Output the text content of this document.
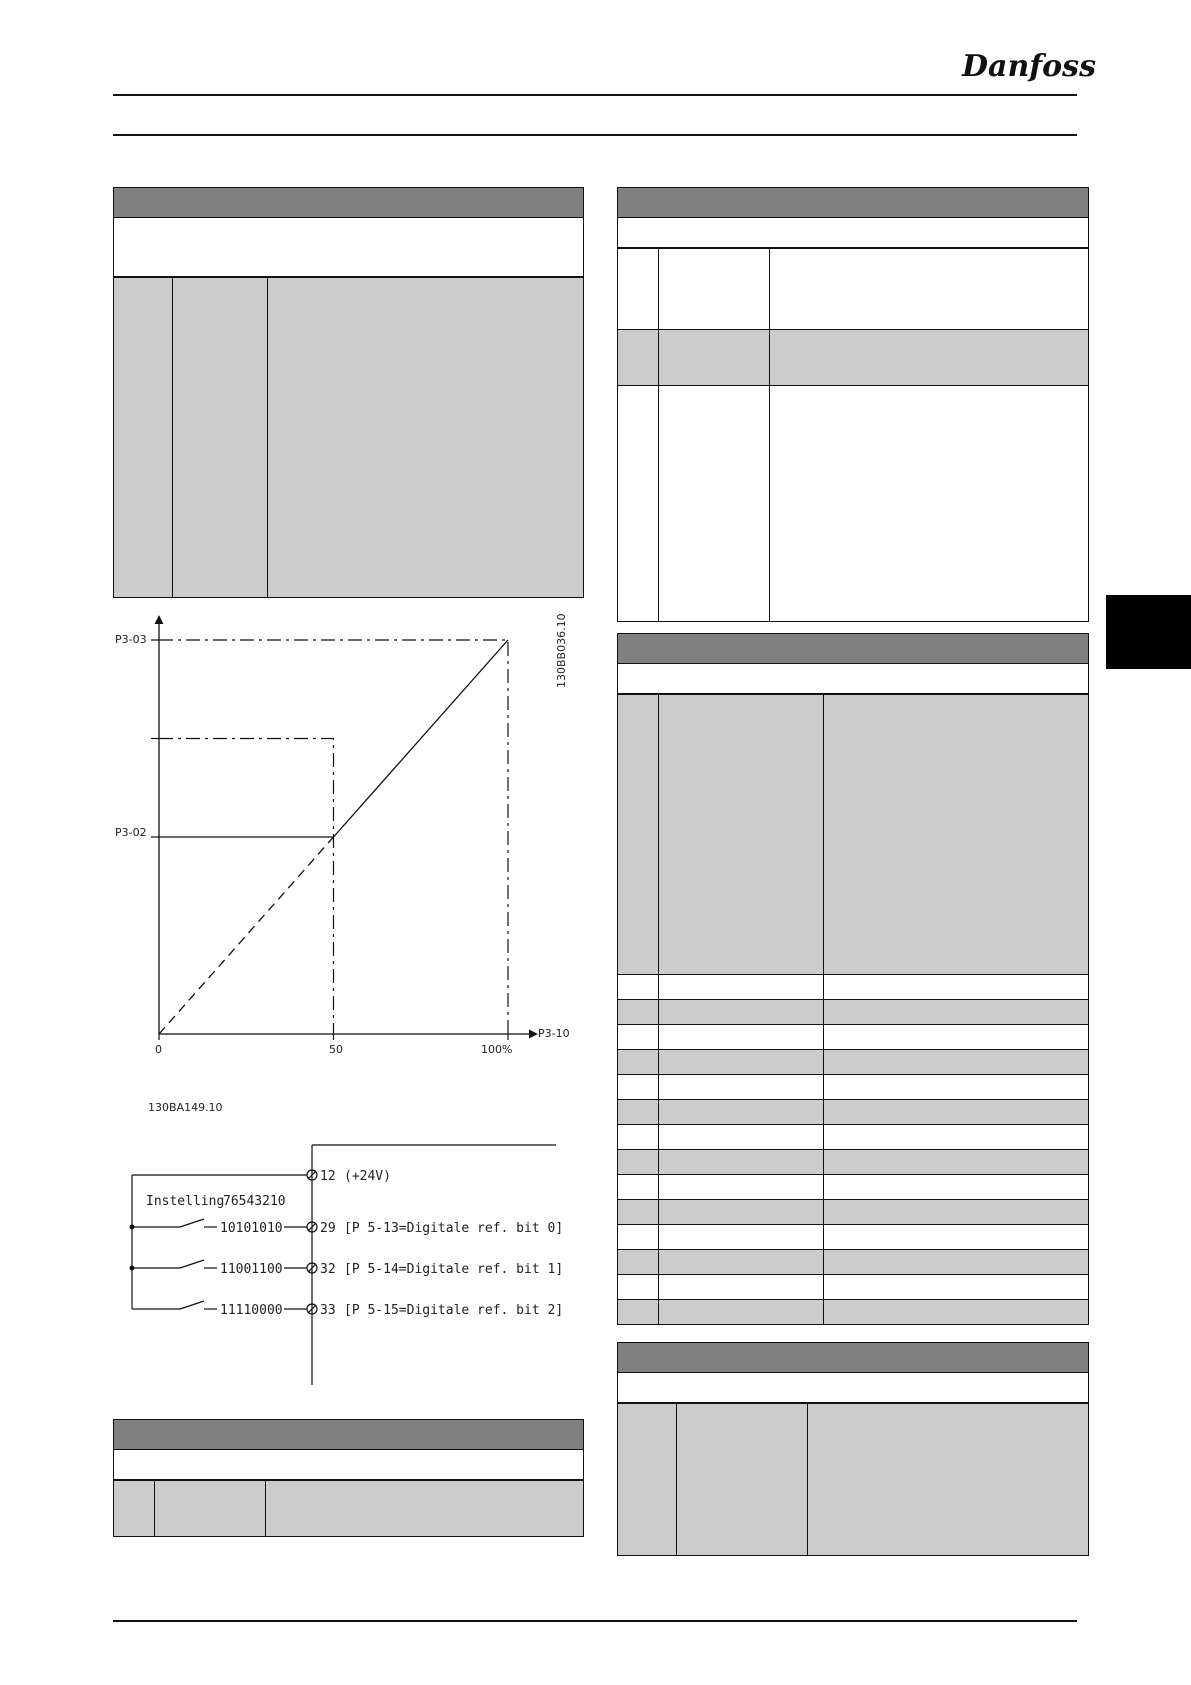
Danfoss

P3-03
P3-02
0	50	100%
P3-10
130BB036.10
130BA149.10
Instelling
76543210
12 (+24V)
10101010	29 [P 5-13=Digitale ref. bit 0]
11001100	32 [P 5-14=Digitale ref. bit 1]
11110000	33 [P 5-15=Digitale ref. bit 2]
